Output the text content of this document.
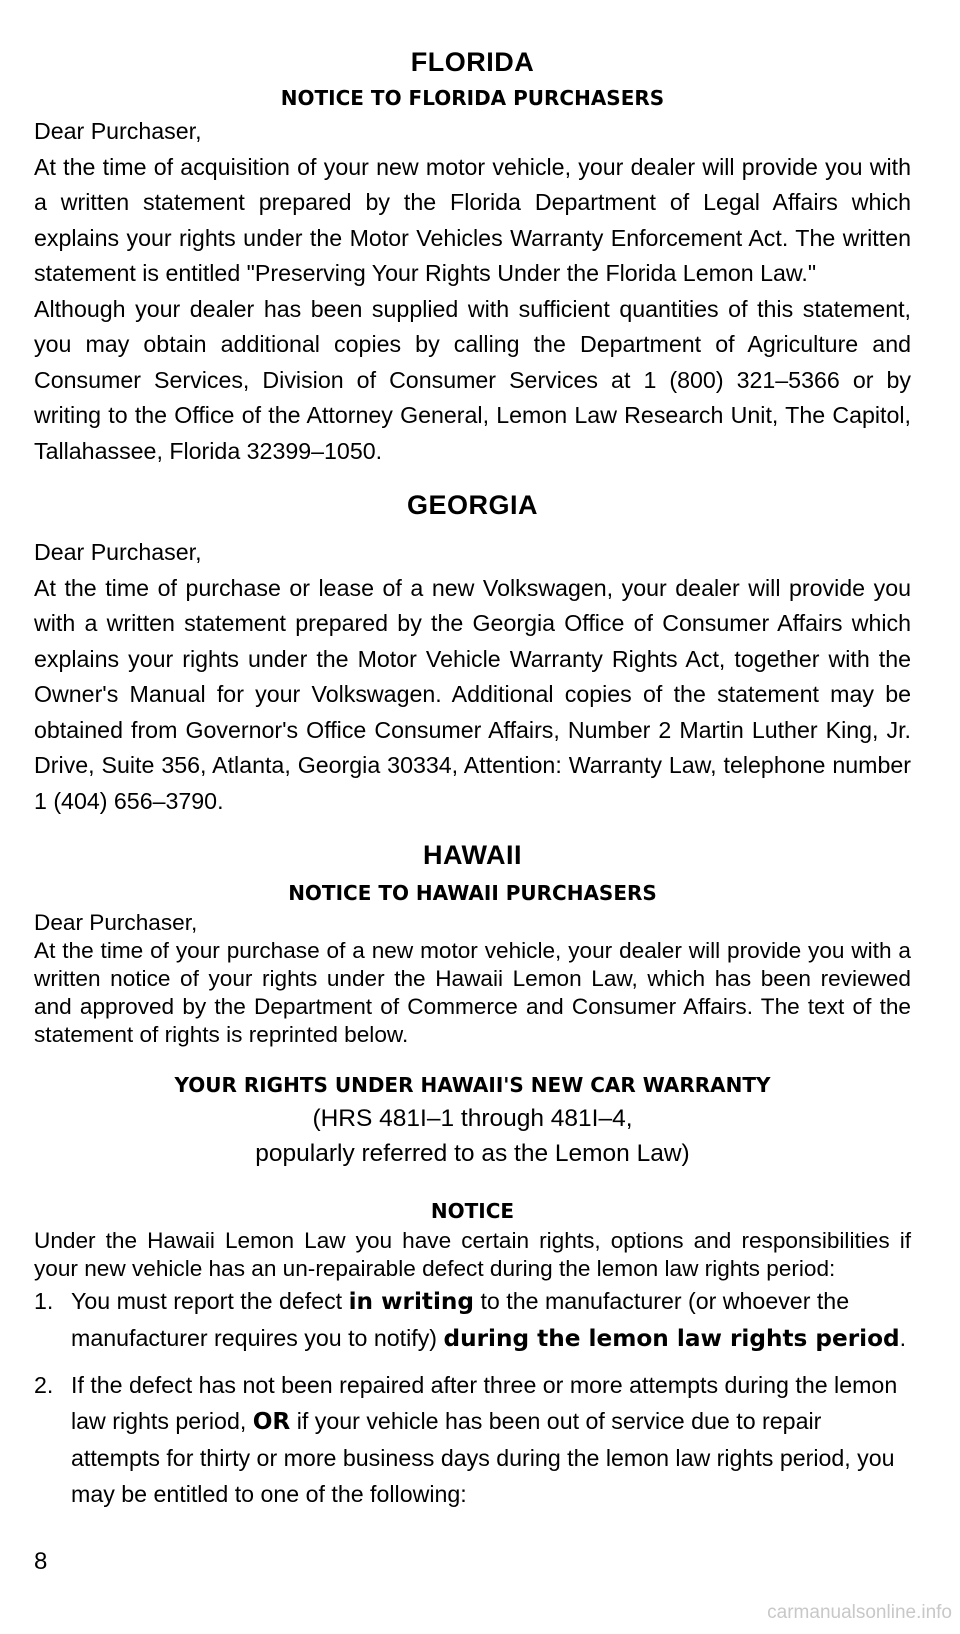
FLORIDA
NOTICE TO FLORIDA PURCHASERS

Dear Purchaser,

At the time of acquisition of your new motor vehicle, your dealer will provide you with a written statement prepared by the Florida Department of Legal Affairs which explains your rights under the Motor Vehicles Warranty Enforcement Act. The written statement is entitled "Preserving Your Rights Under the Florida Lemon Law."

Although your dealer has been supplied with sufficient quantities of this statement, you may obtain additional copies by calling the Department of Agriculture and Consumer Services, Division of Consumer Services at 1 (800) 321–5366 or by writing to the Office of the Attorney General, Lemon Law Research Unit, The Capitol, Tallahassee, Florida 32399–1050.

GEORGIA

Dear Purchaser,

At the time of purchase or lease of a new Volkswagen, your dealer will provide you with a written statement prepared by the Georgia Office of Consumer Affairs which explains your rights under the Motor Vehicle Warranty Rights Act, together with the Owner's Manual for your Volkswagen. Additional copies of the statement may be obtained from Governor's Office Consumer Affairs, Number 2 Martin Luther King, Jr. Drive, Suite 356, Atlanta, Georgia 30334, Attention: Warranty Law, telephone number 1 (404) 656–3790.

HAWAII
NOTICE TO HAWAII PURCHASERS

Dear Purchaser,

At the time of your purchase of a new motor vehicle, your dealer will provide you with a written notice of your rights under the Hawaii Lemon Law, which has been reviewed and approved by the Department of Commerce and Consumer Affairs. The text of the statement of rights is reprinted below.

YOUR RIGHTS UNDER HAWAII'S NEW CAR WARRANTY

(HRS 481I–1 through 481I–4,

popularly referred to as the Lemon Law)

NOTICE

Under the Hawaii Lemon Law you have certain rights, options and responsibilities if your new vehicle has an un-repairable defect during the lemon law rights period:

1. You must report the defect in writing to the manufacturer (or whoever the manufacturer requires you to notify) during the lemon law rights period.
2. If the defect has not been repaired after three or more attempts during the lemon law rights period, OR if your vehicle has been out of service due to repair attempts for thirty or more business days during the lemon law rights period, you may be entitled to one of the following:

8

carmanualsonline.info
